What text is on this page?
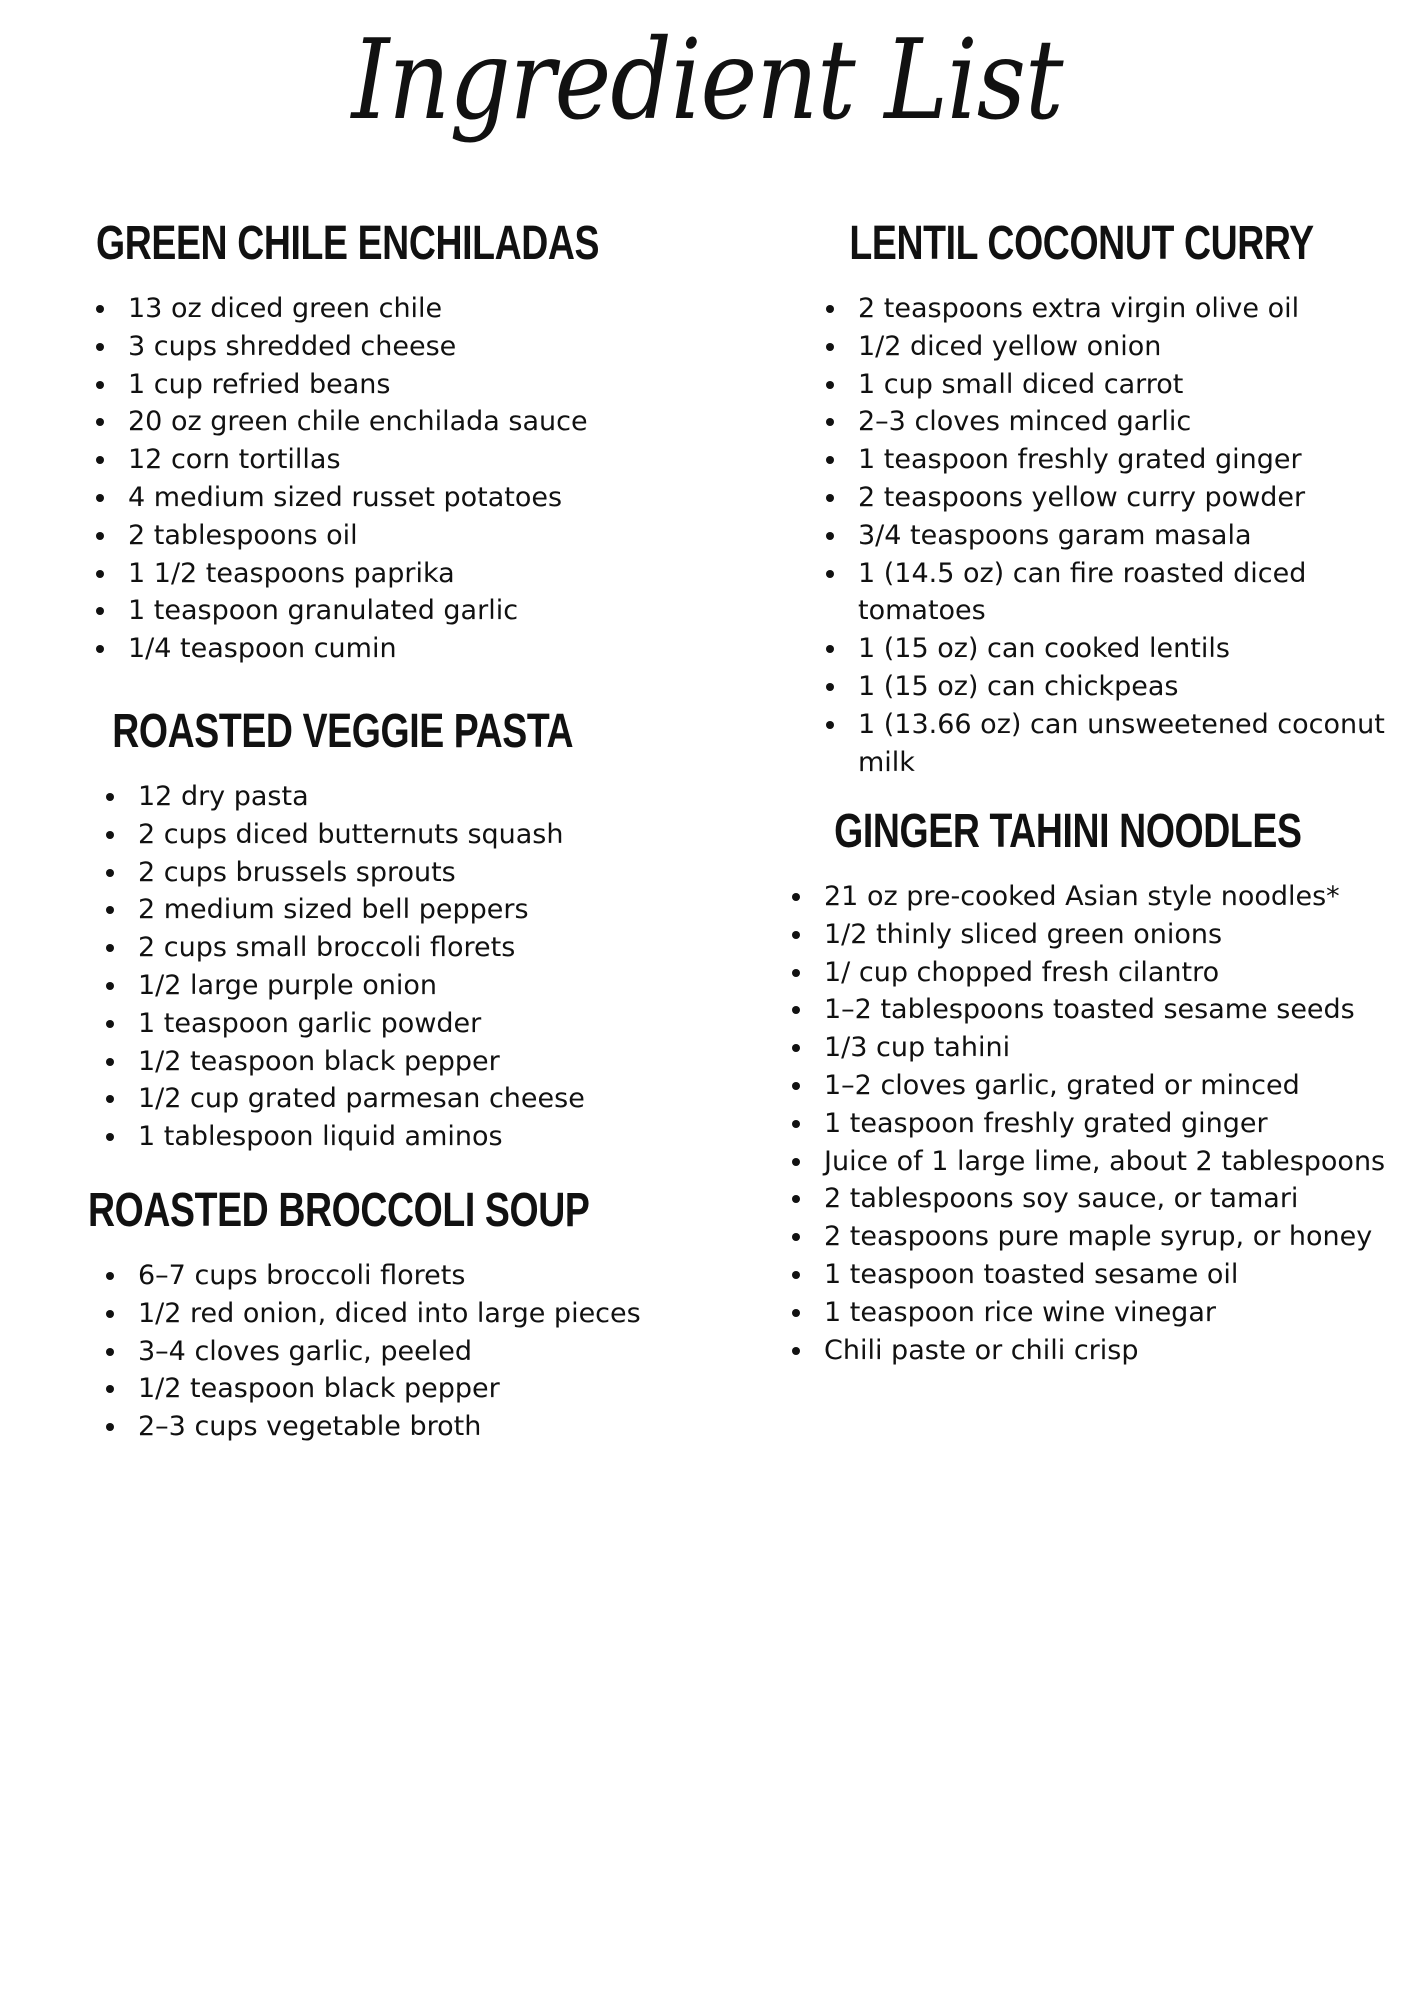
Ingredient List
GREEN CHILE ENCHILADAS
13 oz diced green chile
3 cups shredded cheese
1 cup refried beans
20 oz green chile enchilada sauce
12 corn tortillas
4 medium sized russet potatoes
2 tablespoons oil
1 1/2 teaspoons paprika
1 teaspoon granulated garlic
1/4 teaspoon cumin
ROASTED VEGGIE PASTA
12 dry pasta
2 cups diced butternuts squash
2 cups brussels sprouts
2 medium sized bell peppers
2 cups small broccoli florets
1/2 large purple onion
1 teaspoon garlic powder
1/2 teaspoon black pepper
1/2 cup grated parmesan cheese
1 tablespoon liquid aminos
ROASTED BROCCOLI SOUP
6–7 cups broccoli florets
1/2 red onion, diced into large pieces
3–4 cloves garlic, peeled
1/2 teaspoon black pepper
2–3 cups vegetable broth
LENTIL COCONUT CURRY
2 teaspoons extra virgin olive oil
1/2 diced yellow onion
1 cup small diced carrot
2–3 cloves minced garlic
1 teaspoon freshly grated ginger
2 teaspoons yellow curry powder
3/4 teaspoons garam masala
1 (14.5 oz) can fire roasted diced tomatoes
1 (15 oz) can cooked lentils
1 (15 oz) can chickpeas
1 (13.66 oz) can unsweetened coconut milk
GINGER TAHINI NOODLES
21 oz pre-cooked Asian style noodles*
1/2 thinly sliced green onions
1/ cup chopped fresh cilantro
1–2 tablespoons toasted sesame seeds
1/3 cup tahini
1–2 cloves garlic, grated or minced
1 teaspoon freshly grated ginger
Juice of 1 large lime, about 2 tablespoons
2 tablespoons soy sauce, or tamari
2 teaspoons pure maple syrup, or honey
1 teaspoon toasted sesame oil
1 teaspoon rice wine vinegar
Chili paste or chili crisp
